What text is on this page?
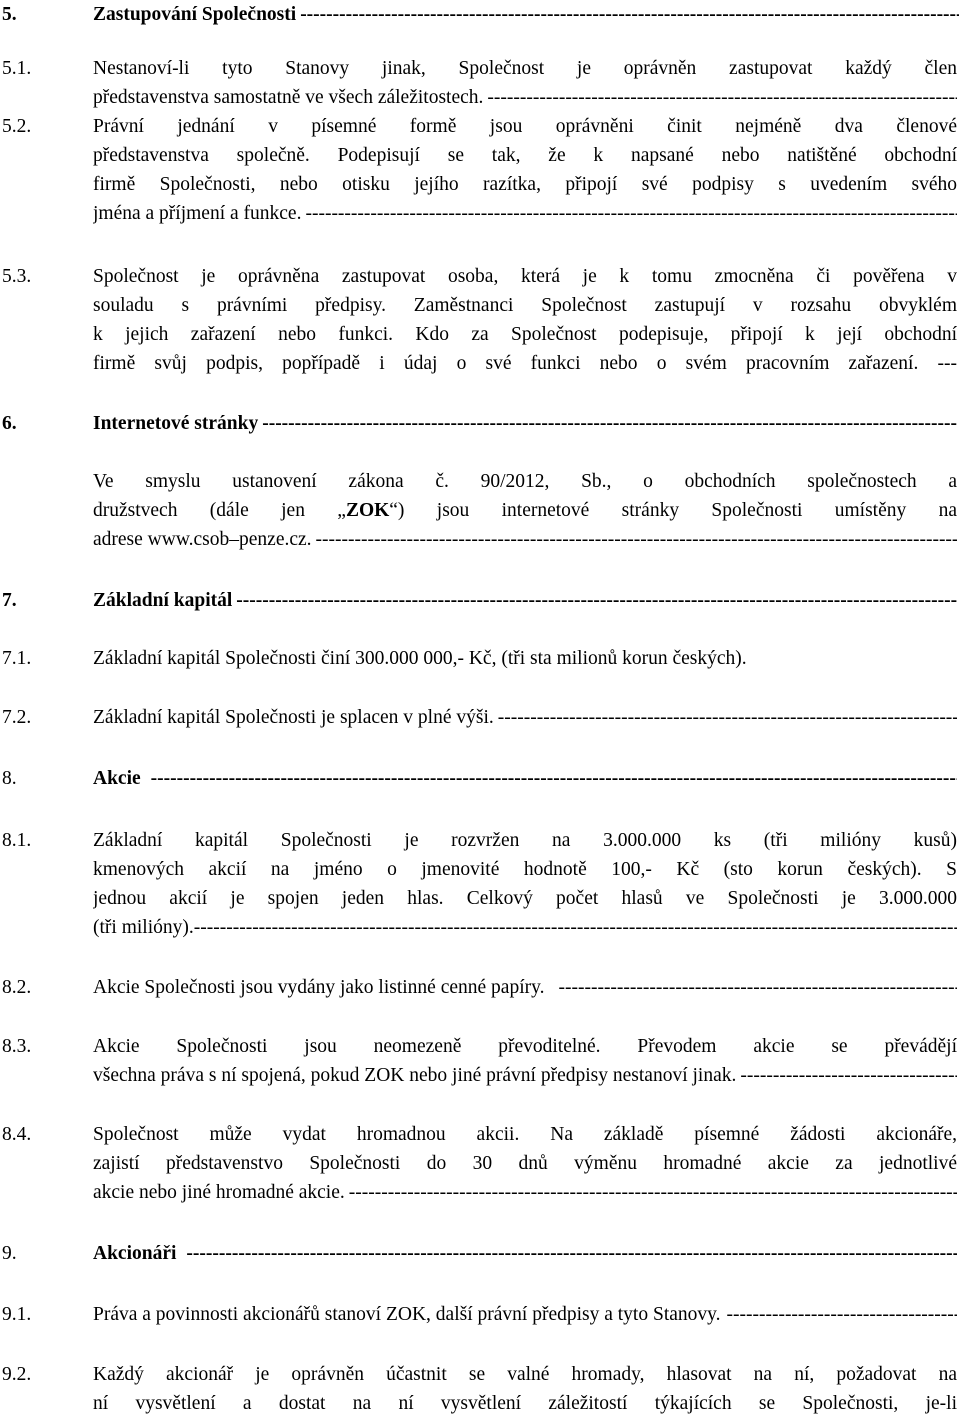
5.	Zastupování Společnosti
-----
5.1.	Nestanoví-li tyto Stanovy jinak, Společnost je oprávněn zastupovat každý člen
představenstva samostatně ve všech záležitostech.
-----
5.2.	Právní jednání v písemné formě jsou oprávněni činit nejméně dva členové
představenstva společně. Podepisují se tak, že k napsané nebo natištěné obchodní
firmě Společnosti, nebo otisku jejího razítka, připojí své podpisy s uvedením svého
jména a příjmení a funkce.
-----
5.3.	Společnost je oprávněna zastupovat osoba, která je k tomu zmocněna či pověřena v
souladu s právními předpisy. Zaměstnanci Společnost zastupují v rozsahu obvyklém
k jejich zařazení nebo funkci. Kdo za Společnost podepisuje, připojí k její obchodní
firmě svůj podpis, popřípadě i údaj o své funkci nebo o svém pracovním zařazení. ---
6.	Internetové stránky
-----
Ve smyslu ustanovení zákona č. 90/2012, Sb., o obchodních společnostech a
družstvech (dále jen „ZOK“) jsou internetové stránky Společnosti umístěny na
adrese www.csob–penze.cz.
-----
7.	Základní kapitál
-----
7.1.	Základní kapitál Společnosti činí 300.000 000,- Kč, (tři sta milionů korun českých).
7.2.	Základní kapitál Společnosti je splacen v plné výši.
-----
8.	Akcie
-----
8.1.	Základní kapitál Společnosti je rozvržen na 3.000.000 ks (tři milióny kusů)
kmenových akcií na jméno o jmenovité hodnotě 100,- Kč (sto korun českých). S
jednou akcií je spojen jeden hlas. Celkový počet hlasů ve Společnosti je 3.000.000
(tři milióny).
-----
8.2.	Akcie Společnosti jsou vydány jako listinné cenné papíry.
-----
8.3.	Akcie Společnosti jsou neomezeně převoditelné. Převodem akcie se převádějí
všechna práva s ní spojená, pokud ZOK nebo jiné právní předpisy nestanoví jinak.
-----
8.4.	Společnost může vydat hromadnou akcii. Na základě písemné žádosti akcionáře,
zajistí představenstvo Společnosti do 30 dnů výměnu hromadné akcie za jednotlivé
akcie nebo jiné hromadné akcie.
-----
9.	Akcionáři
-----
9.1.	Práva a povinnosti akcionářů stanoví ZOK, další právní předpisy a tyto Stanovy.
-----
9.2.	Každý akcionář je oprávněn účastnit se valné hromady, hlasovat na ní, požadovat na
ní vysvětlení a dostat na ní vysvětlení záležitostí týkajících se Společnosti, je-li
